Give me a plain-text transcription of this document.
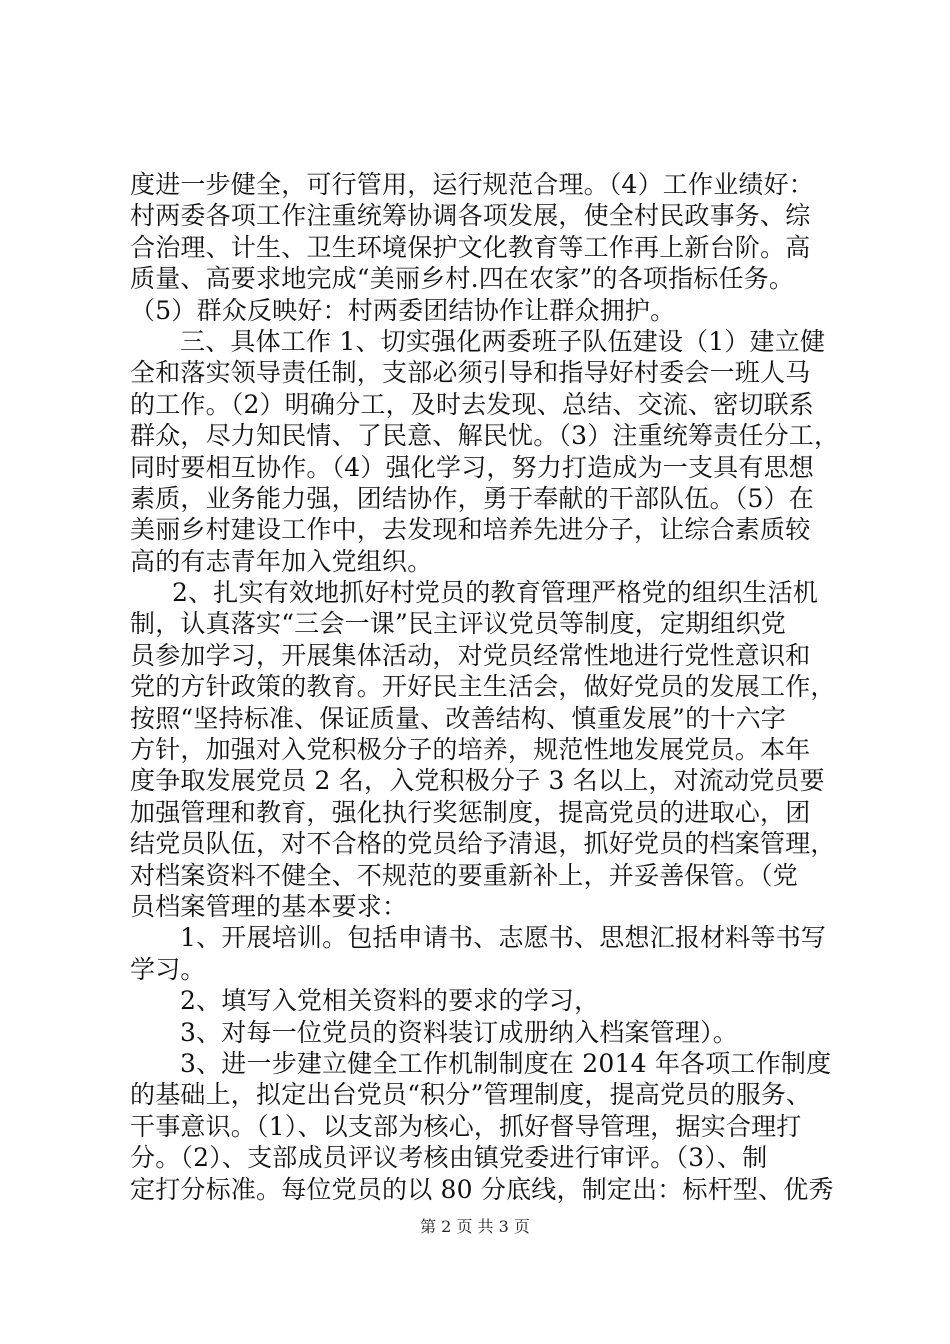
度进一步健全，可行管用，运行规范合理。（4）工作业绩好：
村两委各项工作注重统筹协调各项发展，使全村民政事务、综
合治理、计生、卫生环境保护文化教育等工作再上新台阶。高
质量、高要求地完成“美丽乡村.四在农家”的各项指标任务。
（5）群众反映好：村两委团结协作让群众拥护。
三、具体工作 1、切实强化两委班子队伍建设（1）建立健
全和落实领导责任制，支部必须引导和指导好村委会一班人马
的工作。（2）明确分工，及时去发现、总结、交流、密切联系
群众，尽力知民情、了民意、解民忧。（3）注重统筹责任分工，
同时要相互协作。（4）强化学习，努力打造成为一支具有思想
素质，业务能力强，团结协作，勇于奉献的干部队伍。（5）在
美丽乡村建设工作中，去发现和培养先进分子，让综合素质较
高的有志青年加入党组织。
2、扎实有效地抓好村党员的教育管理严格党的组织生活机
制，认真落实“三会一课”民主评议党员等制度，定期组织党
员参加学习，开展集体活动，对党员经常性地进行党性意识和
党的方针政策的教育。开好民主生活会，做好党员的发展工作，
按照“坚持标准、保证质量、改善结构、慎重发展”的十六字
方针，加强对入党积极分子的培养，规范性地发展党员。本年
度争取发展党员 2 名，入党积极分子 3 名以上，对流动党员要
加强管理和教育，强化执行奖惩制度，提高党员的进取心，团
结党员队伍，对不合格的党员给予清退，抓好党员的档案管理，
对档案资料不健全、不规范的要重新补上，并妥善保管。（党
员档案管理的基本要求：
1、开展培训。包括申请书、志愿书、思想汇报材料等书写
学习。
2、填写入党相关资料的要求的学习，
3、对每一位党员的资料装订成册纳入档案管理）。
3、进一步建立健全工作机制制度在 2014 年各项工作制度
的基础上，拟定出台党员“积分”管理制度，提高党员的服务、
干事意识。（1）、以支部为核心，抓好督导管理，据实合理打
分。（2）、支部成员评议考核由镇党委进行审评。（3）、制
定打分标准。每位党员的以 80 分底线，制定出：标杆型、优秀
第 2 页 共 3 页
